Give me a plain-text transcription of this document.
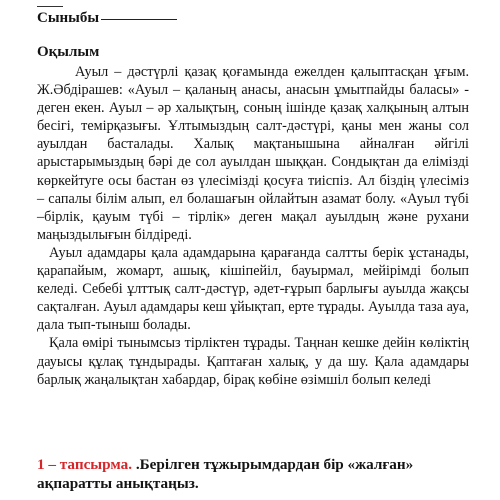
Сыныбы
Оқылым

Ауыл – дәстүрлі қазақ қоғамында ежелден қалыптасқан ұғым. Ж.Әбдірашев: «Ауыл – қаланың анасы, анасын ұмытпайды баласы» - деген екен. Ауыл – әр халықтың, соның ішінде қазақ халқының алтын бесігі, темірқазығы. Ұлтымыздың салт-дәстүрі, қаны мен жаны сол ауылдан басталады. Халық мақтанышына айналған әйгілі арыстарымыздың бәрі де сол ауылдан шыққан. Сондықтан да елімізді көркейтуге осы бастан өз үлесімізді қосуға тиіспіз. Ал біздің үлесіміз – сапалы білім алып, ел болашағын ойлайтын азамат болу. «Ауыл түбі –бірлік, қауым түбі – тірлік» деген мақал ауылдың және рухани маңыздылығын білдіреді.

Ауыл адамдары қала адамдарына қарағанда салтты берік ұстанады, қарапайым, жомарт, ашық, кішіпейіл, бауырмал, мейірімді болып келеді. Себебі ұлттық салт-дәстүр, әдет-ғұрып барлығы ауылда жақсы сақталған. Ауыл адамдары кеш ұйықтап, ерте тұрады. Ауылда таза ауа, дала тып-тыныш болады.

Қала өмірі тынымсыз тірліктен тұрады. Таңнан кешке дейін көліктің дауысы құлақ тұндырады. Қаптаған халық, у да шу. Қала адамдары барлық жаңалықтан хабардар, бірақ көбіне өзімшіл болып келеді

1 – тапсырма. .Берілген тұжырымдардан бір «жалған» ақпаратты анықтаңыз.
